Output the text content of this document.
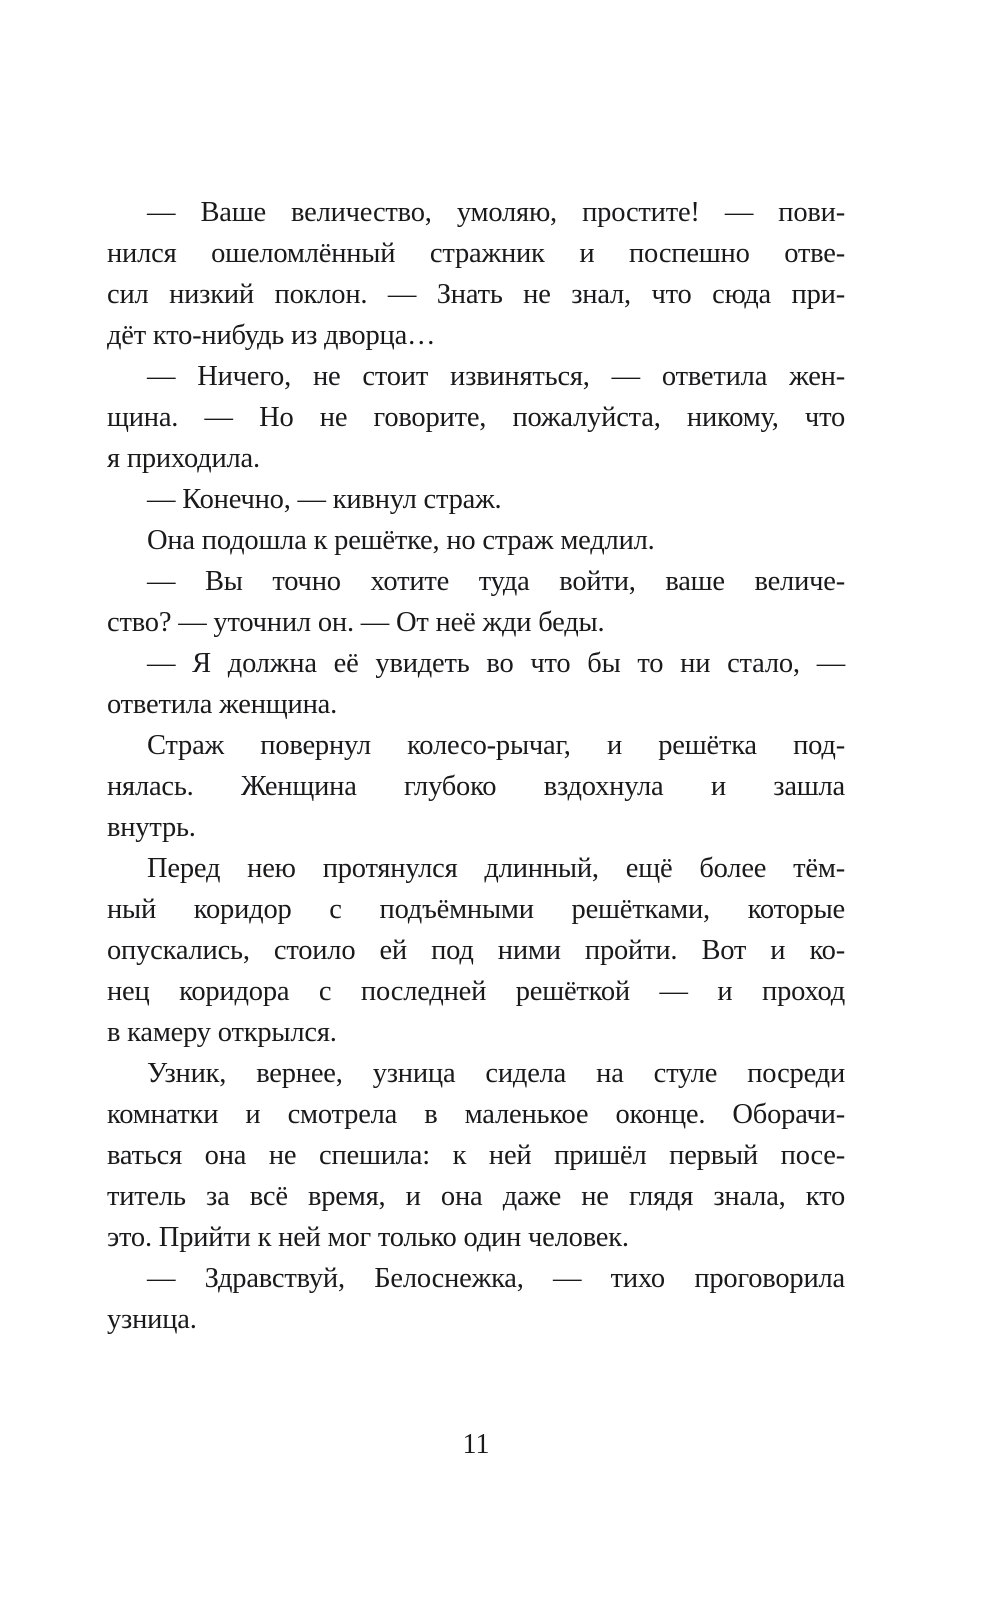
— Ваше величество, умоляю, простите! — пови-
нился ошеломлённый стражник и поспешно отве-
сил низкий поклон. — Знать не знал, что сюда при-
дёт кто-нибудь из дворца…

— Ничего, не стоит извиняться, — ответила жен-
щина. — Но не говорите, пожалуйста, никому, что
я приходила.

— Конечно, — кивнул страж.

Она подошла к решётке, но страж медлил.

— Вы точно хотите туда войти, ваше величе-
ство? — уточнил он. — От неё жди беды.

— Я должна её увидеть во что бы то ни стало, —
ответила женщина.

Страж повернул колесо-рычаг, и решётка под-
нялась. Женщина глубоко вздохнула и зашла
внутрь.

Перед нею протянулся длинный, ещё более тём-
ный коридор с подъёмными решётками, которые
опускались, стоило ей под ними пройти. Вот и ко-
нец коридора с последней решёткой — и проход
в камеру открылся.

Узник, вернее, узница сидела на стуле посреди
комнатки и смотрела в маленькое оконце. Оборачи-
ваться она не спешила: к ней пришёл первый посе-
титель за всё время, и она даже не глядя знала, кто
это. Прийти к ней мог только один человек.

— Здравствуй, Белоснежка, — тихо проговорила
узница.

11
